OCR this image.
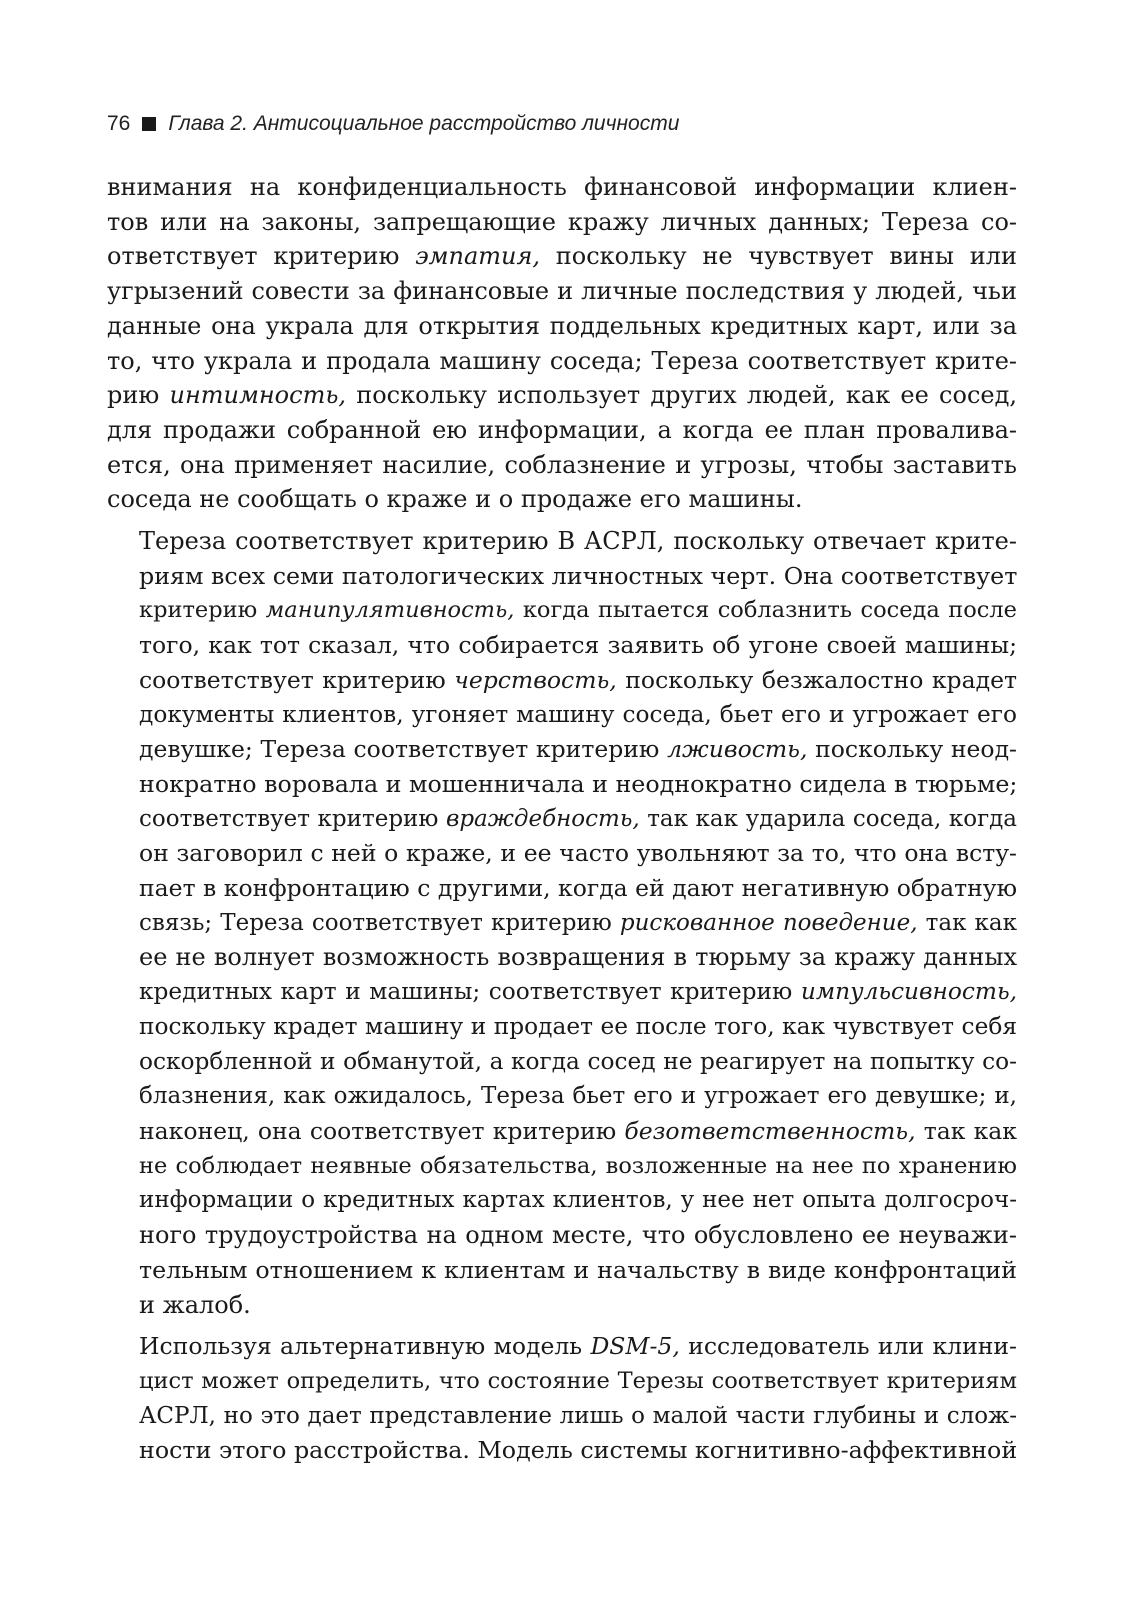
76 Глава 2. Антисоциальное расстройство личности

внимания на конфиденциальность финансовой информации клиен-
тов или на законы, запрещающие кражу личных данных; Тереза со-
ответствует критерию эмпатия, поскольку не чувствует вины или
угрызений совести за финансовые и личные последствия у людей, чьи
данные она украла для открытия поддельных кредитных карт, или за
то, что украла и продала машину соседа; Тереза соответствует крите-
рию интимность, поскольку использует других людей, как ее сосед,
для продажи собранной ею информации, а когда ее план проваливa-
ется, она применяет насилие, соблазнение и угрозы, чтобы заставить
соседа не сообщать о краже и о продаже его машины.

Тереза соответствует критерию В АСРЛ, поскольку отвечает крите-
риям всех семи патологических личностных черт. Она соответствует
критерию манипулятивность, когда пытается соблазнить соседа после
того, как тот сказал, что собирается заявить об угоне своей машины;
соответствует критерию черствость, поскольку безжалостно крадет
документы клиентов, угоняет машину соседа, бьет его и угрожает его
девушке; Тереза соответствует критерию лживость, поскольку неод-
нократно воровала и мошенничала и неоднократно сидела в тюрьме;
соответствует критерию враждебность, так как ударила соседа, когда
он заговорил с ней о краже, и ее часто увольняют за то, что она всту-
пает в конфронтацию с другими, когда ей дают негативную обратную
связь; Тереза соответствует критерию рискованное поведение, так как
ее не волнует возможность возвращения в тюрьму за кражу данных
кредитных карт и машины; соответствует критерию импульсивность,
поскольку крадет машину и продает ее после того, как чувствует себя
оскорбленной и обманутой, а когда сосед не реагирует на попытку со-
блазнения, как ожидалось, Тереза бьет его и угрожает его девушке; и,
наконец, она соответствует критерию безответственность, так как
не соблюдает неявные обязательства, возложенные на нее по хранению
информации о кредитных картах клиентов, у нее нет опыта долгосроч-
ного трудоустройства на одном месте, что обусловлено ее неуважи-
тельным отношением к клиентам и начальству в виде конфронтаций
и жалоб.

Используя альтернативную модель DSM-5, исследователь или клини-
цист может определить, что состояние Терезы соответствует критериям
АСРЛ, но это дает представление лишь о малой части глубины и слож-
ности этого расстройства. Модель системы когнитивно-аффективной
